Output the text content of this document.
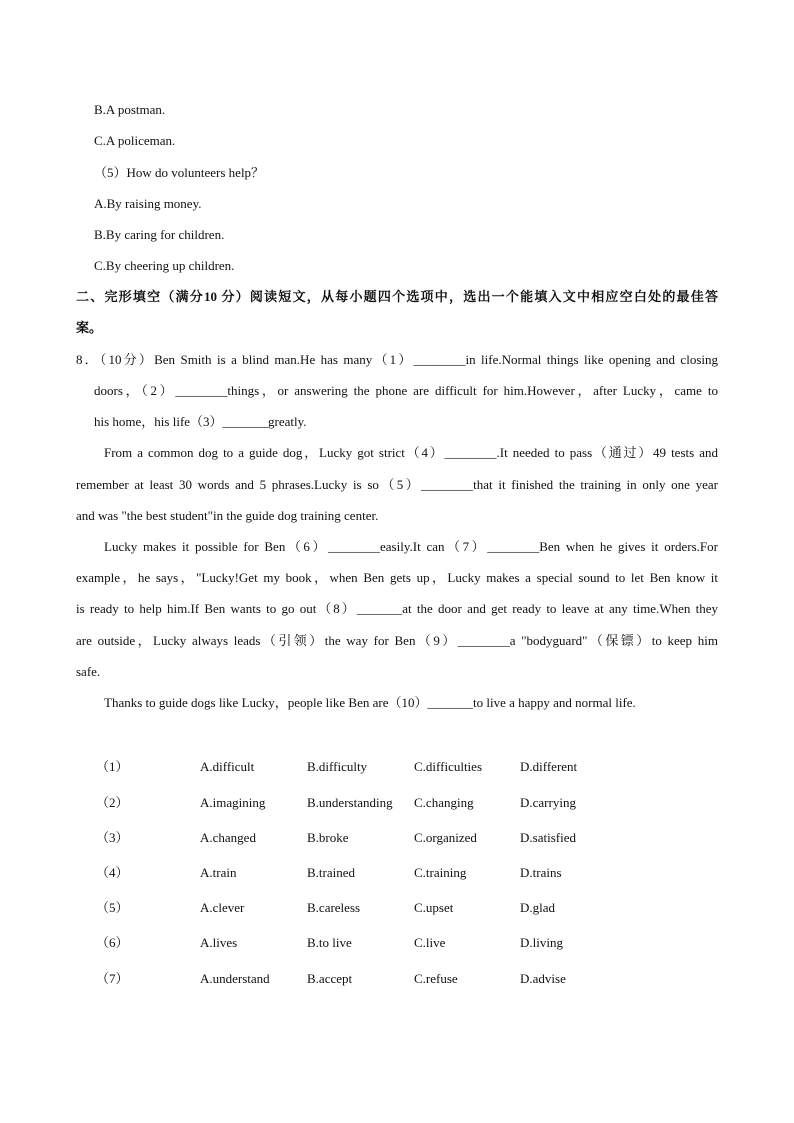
B.A postman.
C.A policeman.
（5）How do volunteers help？
A.By raising money.
B.By caring for children.
C.By cheering up children.
二、完形填空（满分10 分）阅读短文，从每小题四个选项中，选出一个能填入文中相应空白处的最佳答
案。
8．（10分）Ben Smith is a blind man.He has many（1）________in life.Normal things like opening and closing
doors，（2）________things，or answering the phone are difficult for him.However，after Lucky，came to
his home，his life（3）_______greatly.
From a common dog to a guide dog，Lucky got strict（4）________.It needed to pass（通过）49 tests and
remember at least 30 words and 5 phrases.Lucky is so（5）________that it finished the training in only one year
and was "the best student"in the guide dog training center.
Lucky makes it possible for Ben（6）________easily.It can（7）________Ben when he gives it orders.For
example，he says，"Lucky!Get my book，when Ben gets up，Lucky makes a special sound to let Ben know it
is ready to help him.If Ben wants to go out（8）_______at the door and get ready to leave at any time.When they
are outside，Lucky always leads（引领）the way for Ben（9）________a "bodyguard"（保镖）to keep him
safe.
Thanks to guide dogs like Lucky，people like Ben are（10）_______to live a happy and normal life.
（1）	A.difficult	B.difficulty	C.difficulties	D.different
（2）	A.imagining	B.understanding C.changing	D.carrying
（3）	A.changed	B.broke	C.organized	D.satisfied
（4）	A.train	B.trained	C.training	D.trains
（5）	A.clever	B.careless	C.upset	D.glad
（6）	A.lives	B.to live	C.live	D.living
（7）	A.understand	B.accept	C.refuse	D.advise
